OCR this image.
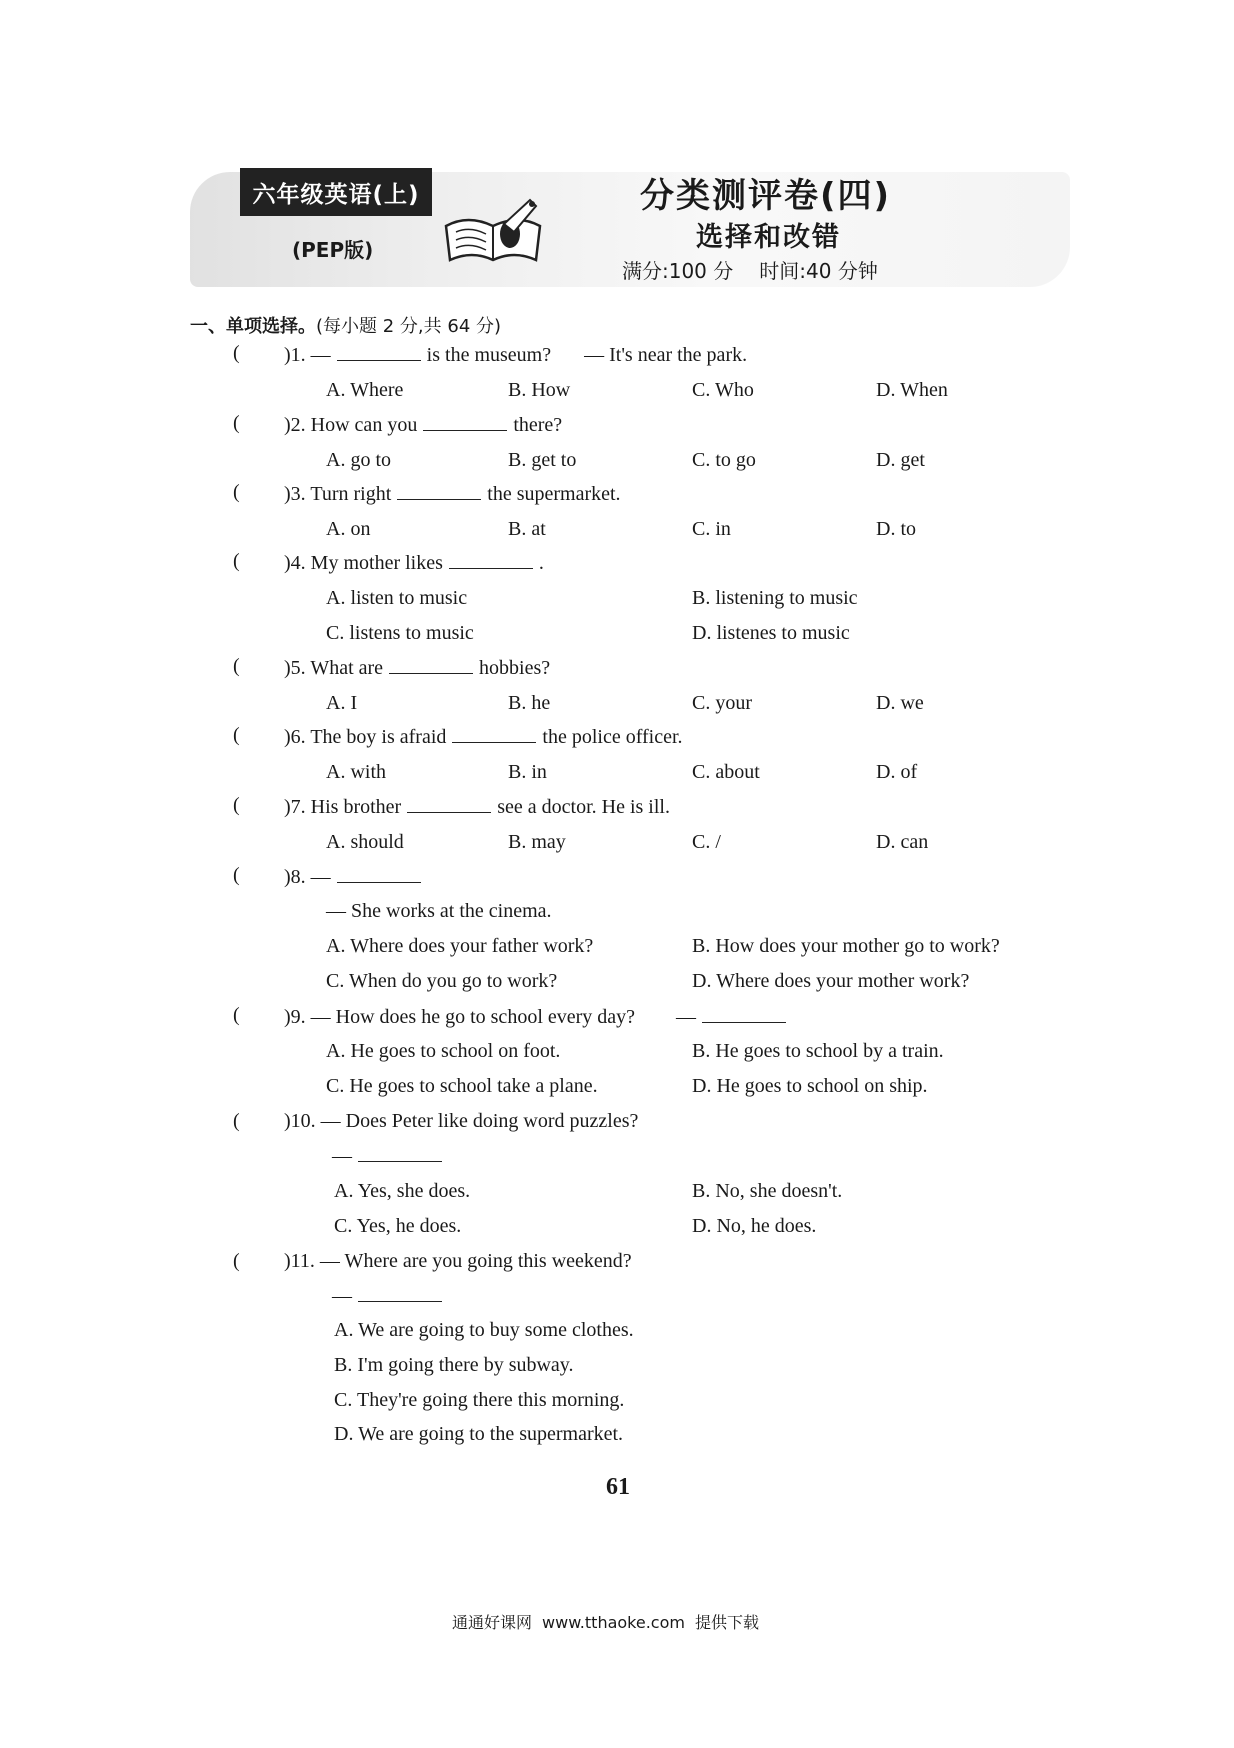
六年级英语(上)
(PEP版)
分类测评卷(四)
选择和改错
满分:100 分 时间:40 分钟
一、单项选择。(每小题 2 分,共 64 分)
( )1. —	is the museum? — It's near the park.
A. Where	B. How	C. Who	D. When
( )2. How can you	there?
A. go to	B. get to	C. to go	D. get
( )3. Turn right	the supermarket.
A. on	B. at	C. in	D. to
( )4. My mother likes	.
A. listen to music	B. listening to music
C. listens to music	D. listenes to music
( )5. What are	hobbies?
A. I	B. he	C. your	D. we
( )6. The boy is afraid	the police officer.
A. with	B. in	C. about	D. of
( )7. His brother	see a doctor. He is ill.
A. should	B. may	C. /	D. can
( )8. —
— She works at the cinema.
A. Where does your father work?	B. How does your mother go to work?
C. When do you go to work?	D. Where does your mother work?
( )9. — How does he go to school every day? —
A. He goes to school on foot.	B. He goes to school by a train.
C. He goes to school take a plane.	D. He goes to school on ship.
( )10. — Does Peter like doing word puzzles?
—
A. Yes, she does.	B. No, she doesn't.
C. Yes, he does.	D. No, he does.
( )11. — Where are you going this weekend?
—
A. We are going to buy some clothes.
B. I'm going there by subway.
C. They're going there this morning.
D. We are going to the supermarket.
61
通通好课网 www.tthaoke.com 提供下载
